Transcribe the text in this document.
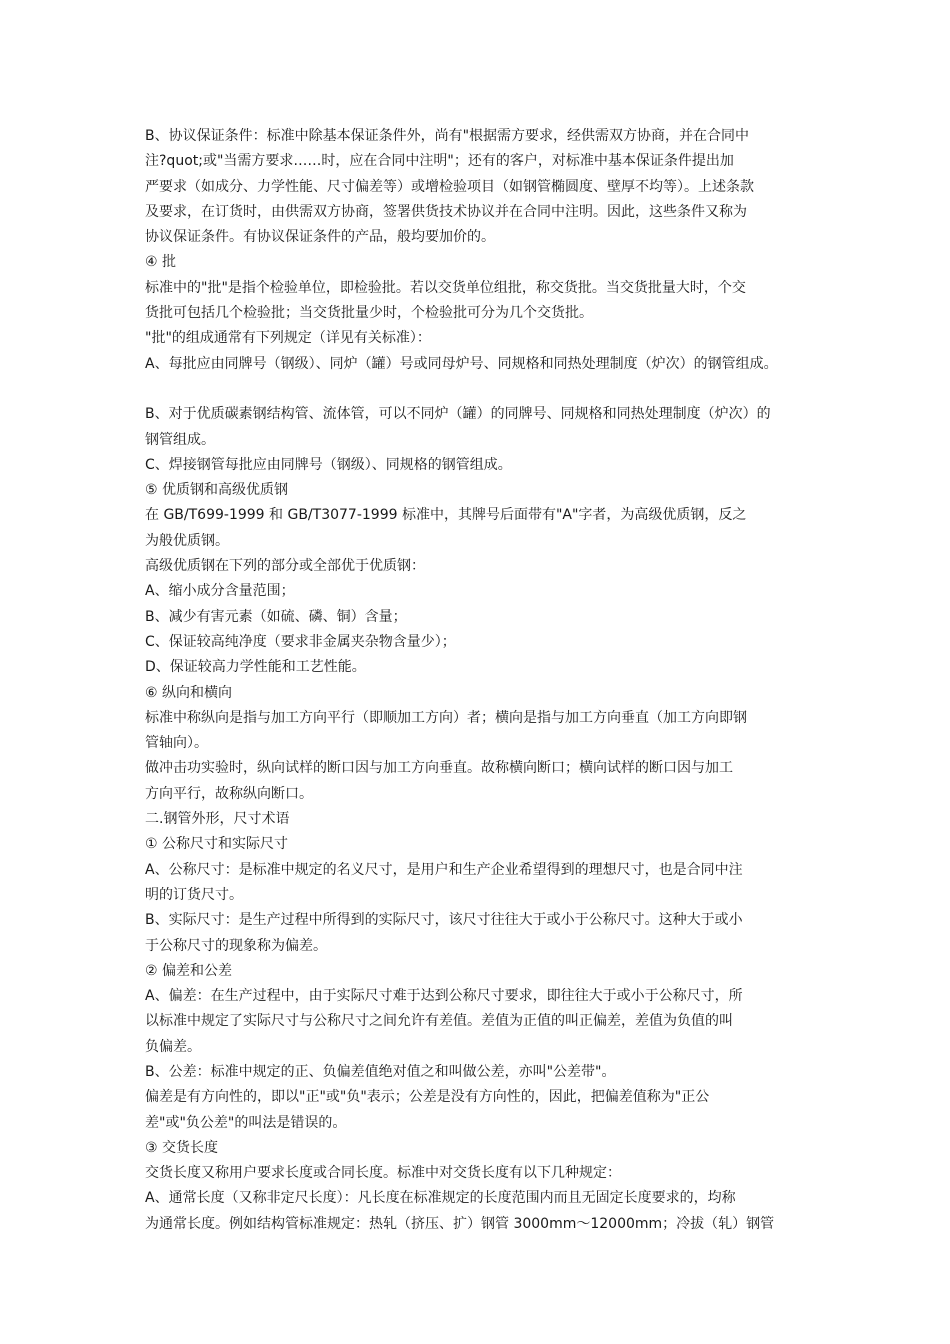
B、协议保证条件：标准中除基本保证条件外，尚有"根据需方要求，经供需双方协商，并在合同中
注?quot;或"当需方要求……时，应在合同中注明"；还有的客户，对标准中基本保证条件提出加
严要求（如成分、力学性能、尺寸偏差等）或增检验项目（如钢管椭圆度、壁厚不均等）。上述条款
及要求，在订货时，由供需双方协商，签署供货技术协议并在合同中注明。因此，这些条件又称为
协议保证条件。有协议保证条件的产品，般均要加价的。
④ 批
标准中的"批"是指个检验单位，即检验批。若以交货单位组批，称交货批。当交货批量大时，个交
货批可包括几个检验批；当交货批量少时，个检验批可分为几个交货批。
"批"的组成通常有下列规定（详见有关标准）：
A、每批应由同牌号（钢级）、同炉（罐）号或同母炉号、同规格和同热处理制度（炉次）的钢管组成。
B、对于优质碳素钢结构管、流体管，可以不同炉（罐）的同牌号、同规格和同热处理制度（炉次）的
钢管组成。
C、焊接钢管每批应由同牌号（钢级）、同规格的钢管组成。
⑤ 优质钢和高级优质钢
在 GB/T699-1999 和 GB/T3077-1999 标准中，其牌号后面带有"A"字者，为高级优质钢，反之
为般优质钢。
高级优质钢在下列的部分或全部优于优质钢：
A、缩小成分含量范围；
B、减少有害元素（如硫、磷、铜）含量；
C、保证较高纯净度（要求非金属夹杂物含量少）；
D、保证较高力学性能和工艺性能。
⑥ 纵向和横向
标准中称纵向是指与加工方向平行（即顺加工方向）者；横向是指与加工方向垂直（加工方向即钢
管轴向）。
做冲击功实验时，纵向试样的断口因与加工方向垂直。故称横向断口；横向试样的断口因与加工
方向平行，故称纵向断口。
二.钢管外形，尺寸术语
① 公称尺寸和实际尺寸
A、公称尺寸：是标准中规定的名义尺寸，是用户和生产企业希望得到的理想尺寸，也是合同中注
明的订货尺寸。
B、实际尺寸：是生产过程中所得到的实际尺寸，该尺寸往往大于或小于公称尺寸。这种大于或小
于公称尺寸的现象称为偏差。
② 偏差和公差
A、偏差：在生产过程中，由于实际尺寸难于达到公称尺寸要求，即往往大于或小于公称尺寸，所
以标准中规定了实际尺寸与公称尺寸之间允许有差值。差值为正值的叫正偏差，差值为负值的叫
负偏差。
B、公差：标准中规定的正、负偏差值绝对值之和叫做公差，亦叫"公差带"。
偏差是有方向性的，即以"正"或"负"表示；公差是没有方向性的，因此，把偏差值称为"正公
差"或"负公差"的叫法是错误的。
③ 交货长度
交货长度又称用户要求长度或合同长度。标准中对交货长度有以下几种规定：
A、通常长度（又称非定尺长度）：凡长度在标准规定的长度范围内而且无固定长度要求的，均称
为通常长度。例如结构管标准规定：热轧（挤压、扩）钢管 3000mm～12000mm；冷拔（轧）钢管
